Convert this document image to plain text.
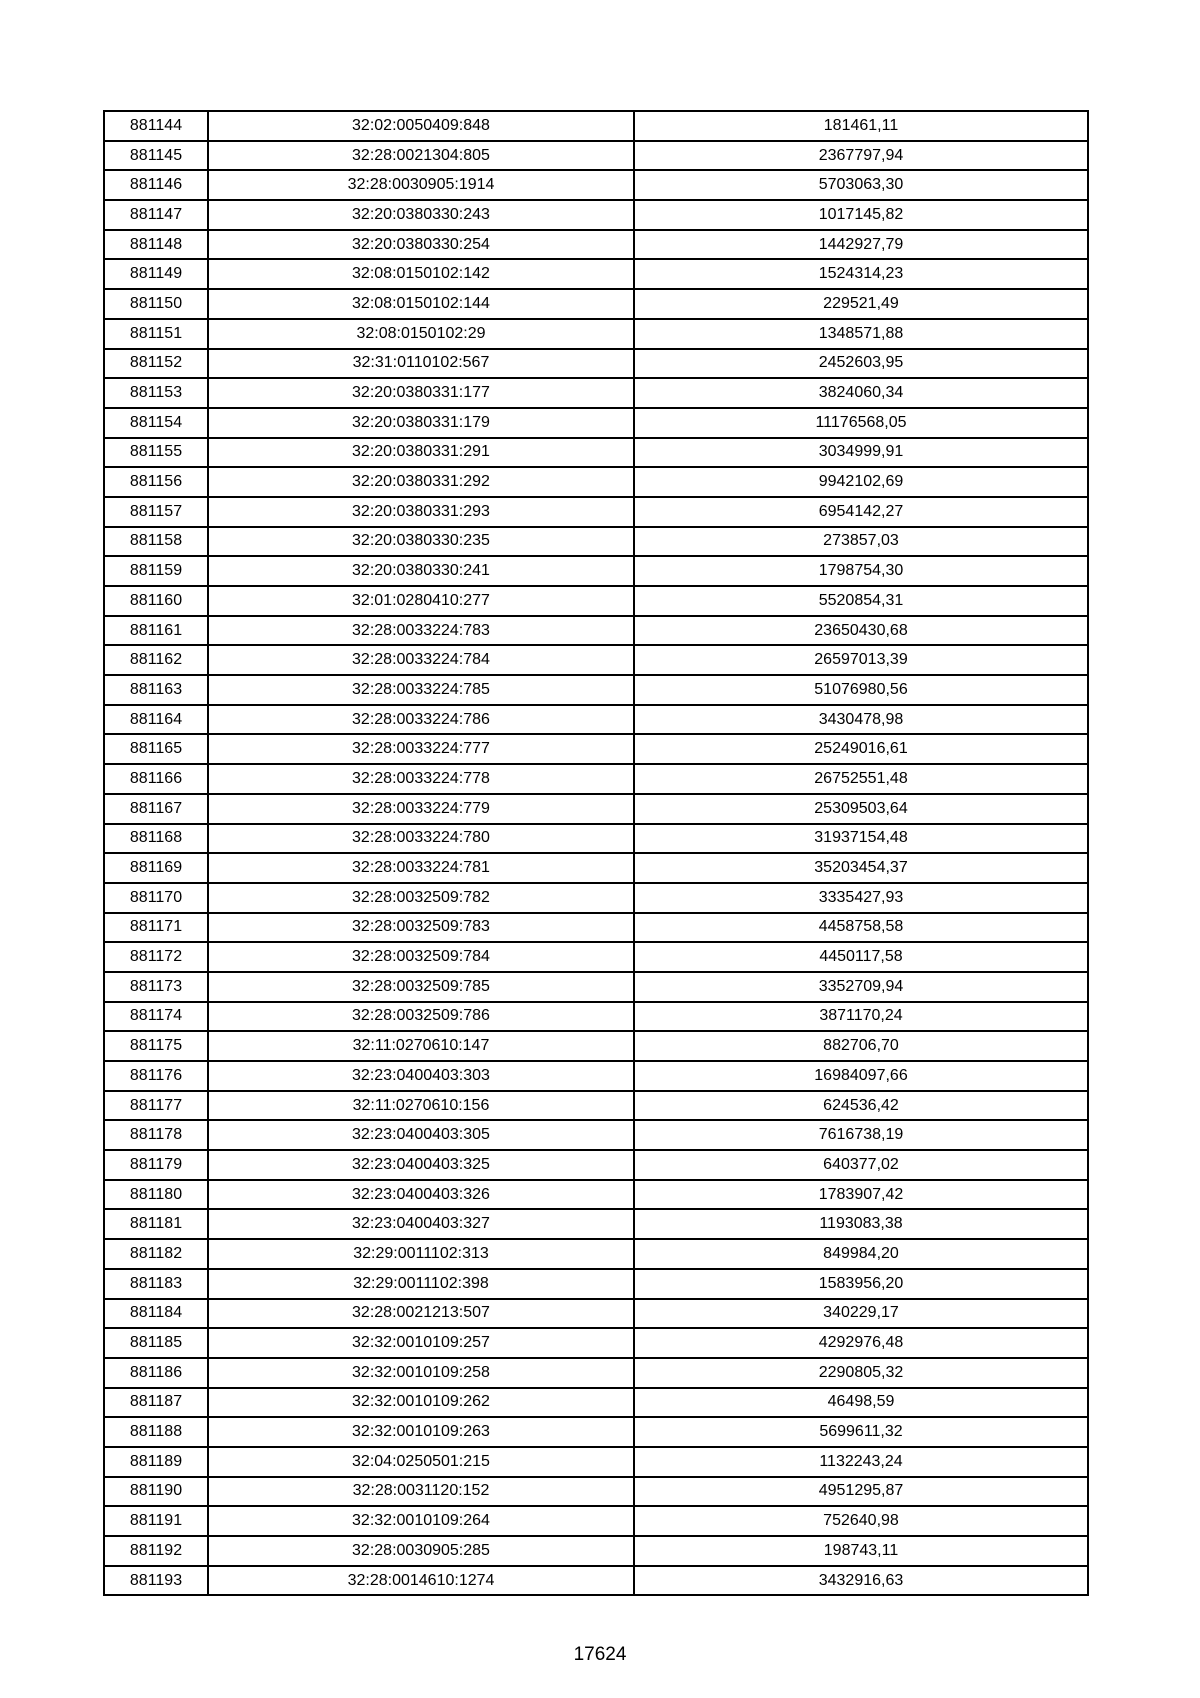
881144	32:02:0050409:848	181461,11
881145	32:28:0021304:805	2367797,94
881146	32:28:0030905:1914	5703063,30
881147	32:20:0380330:243	1017145,82
881148	32:20:0380330:254	1442927,79
881149	32:08:0150102:142	1524314,23
881150	32:08:0150102:144	229521,49
881151	32:08:0150102:29	1348571,88
881152	32:31:0110102:567	2452603,95
881153	32:20:0380331:177	3824060,34
881154	32:20:0380331:179	11176568,05
881155	32:20:0380331:291	3034999,91
881156	32:20:0380331:292	9942102,69
881157	32:20:0380331:293	6954142,27
881158	32:20:0380330:235	273857,03
881159	32:20:0380330:241	1798754,30
881160	32:01:0280410:277	5520854,31
881161	32:28:0033224:783	23650430,68
881162	32:28:0033224:784	26597013,39
881163	32:28:0033224:785	51076980,56
881164	32:28:0033224:786	3430478,98
881165	32:28:0033224:777	25249016,61
881166	32:28:0033224:778	26752551,48
881167	32:28:0033224:779	25309503,64
881168	32:28:0033224:780	31937154,48
881169	32:28:0033224:781	35203454,37
881170	32:28:0032509:782	3335427,93
881171	32:28:0032509:783	4458758,58
881172	32:28:0032509:784	4450117,58
881173	32:28:0032509:785	3352709,94
881174	32:28:0032509:786	3871170,24
881175	32:11:0270610:147	882706,70
881176	32:23:0400403:303	16984097,66
881177	32:11:0270610:156	624536,42
881178	32:23:0400403:305	7616738,19
881179	32:23:0400403:325	640377,02
881180	32:23:0400403:326	1783907,42
881181	32:23:0400403:327	1193083,38
881182	32:29:0011102:313	849984,20
881183	32:29:0011102:398	1583956,20
881184	32:28:0021213:507	340229,17
881185	32:32:0010109:257	4292976,48
881186	32:32:0010109:258	2290805,32
881187	32:32:0010109:262	46498,59
881188	32:32:0010109:263	5699611,32
881189	32:04:0250501:215	1132243,24
881190	32:28:0031120:152	4951295,87
881191	32:32:0010109:264	752640,98
881192	32:28:0030905:285	198743,11
881193	32:28:0014610:1274	3432916,63
17624
